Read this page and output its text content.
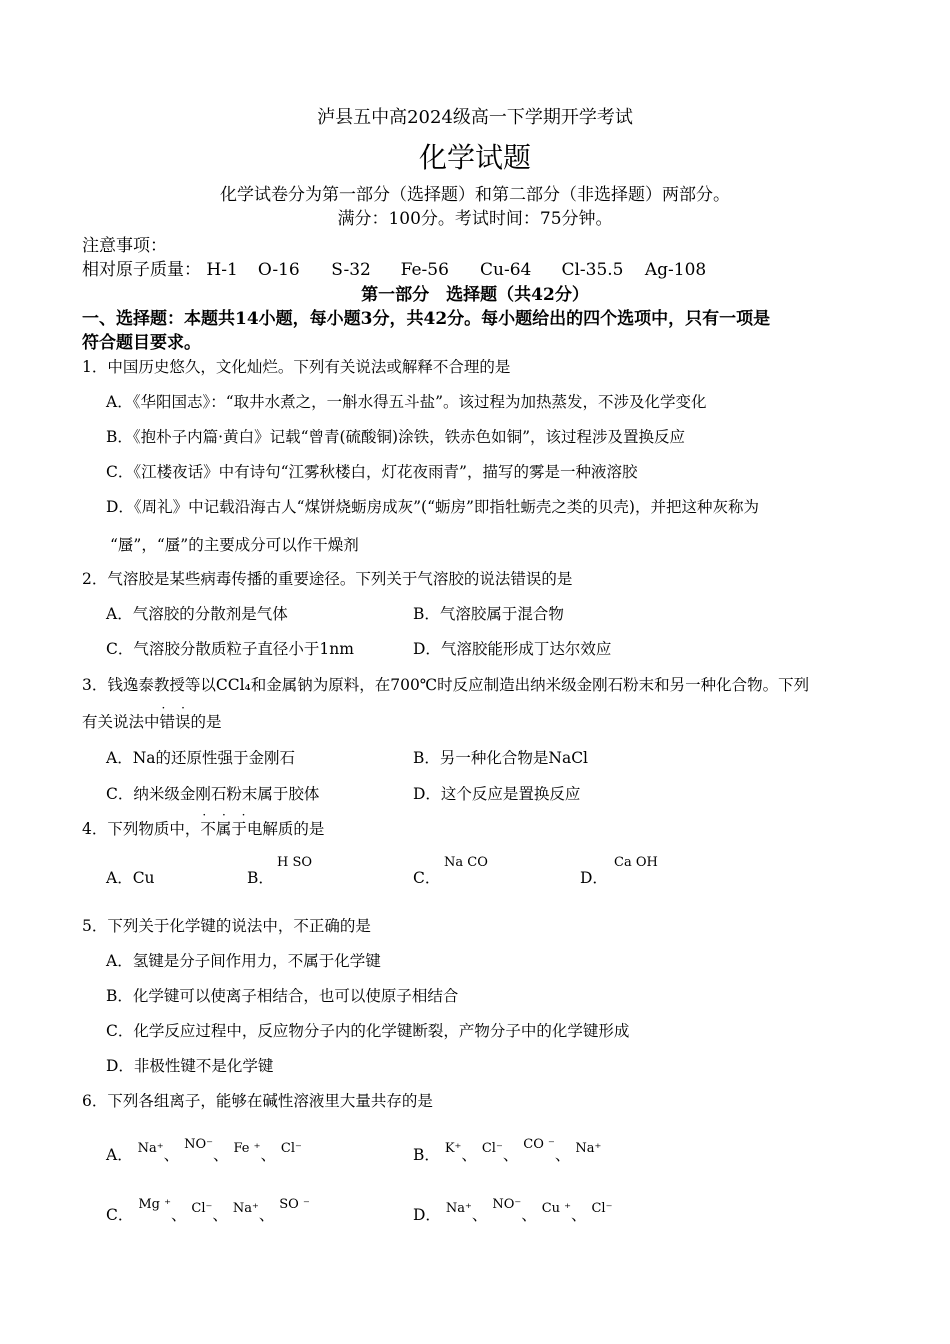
泸县五中高2024级高一下学期开学考试
化学试题
化学试卷分为第一部分（选择题）和第二部分（非选择题）两部分。
满分：100分。考试时间：75分钟。
注意事项：
相对原子质量： H-1 O-16 S-32 Fe-56 Cu-64 Cl-35.5 Ag-108
第一部分　选择题（共42分）
一、选择题：本题共14小题，每小题3分，共42分。每小题给出的四个选项中，只有一项是
符合题目要求。
1．中国历史悠久，文化灿烂。下列有关说法或解释不合理的是
A．《华阳国志》：“取井水煮之，一斛水得五斗盐”。该过程为加热蒸发，不涉及化学变化
B．《抱朴子内篇·黄白》记载“曾青(硫酸铜)涂铁，铁赤色如铜”，该过程涉及置换反应
C．《江楼夜话》中有诗句“江雾秋楼白，灯花夜雨青”，描写的雾是一种液溶胶
D．《周礼》中记载沿海古人“煤饼烧蛎房成灰”(“蛎房”即指牡蛎壳之类的贝壳)，并把这种灰称为
“蜃”，“蜃”的主要成分可以作干燥剂
2．气溶胶是某些病毒传播的重要途径。下列关于气溶胶的说法错误的是
A．气溶胶的分散剂是气体	B．气溶胶属于混合物
C．气溶胶分散质粒子直径小于1nm	D．气溶胶能形成丁达尔效应
3．钱逸泰教授等以CCl₄和金属钠为原料，在700℃时反应制造出纳米级金刚石粉末和另一种化合物。下列
有关说法中· · 错误的是
A．Na的还原性强于金刚石	B．另一种化合物是NaCl
C．纳米级金刚石粉末属于胶体	D．这个反应是置换反应
4．下列物质中，· · · 不属于电解质的是
A．Cu	B．
H SO
C．
Na CO
D．
Ca OH
5．下列关于化学键的说法中，不正确的是
A．氢键是分子间作用力，不属于化学键
B．化学键可以使离子相结合，也可以使原子相结合
C．化学反应过程中，反应物分子内的化学键断裂，产物分子中的化学键形成
D．非极性键不是化学键
6．下列各组离子，能够在碱性溶液里大量共存的是
A． $^{Na^+}$、 $^{NO^-}$、 $^{Fe ^+}$、 $^{Cl^-}$	B． $^{K^+}$、 $^{Cl^-}$、 $^{CO ^-}$、 $^{Na^+}$
C． $^{Mg ^+}$、 $^{Cl^-}$、 $^{Na^+}$、 $^{SO ^-}$
D． $^{Na^+}$、 $^{NO^-}$、 $^{Cu ^+}$、 $^{Cl^-}$
